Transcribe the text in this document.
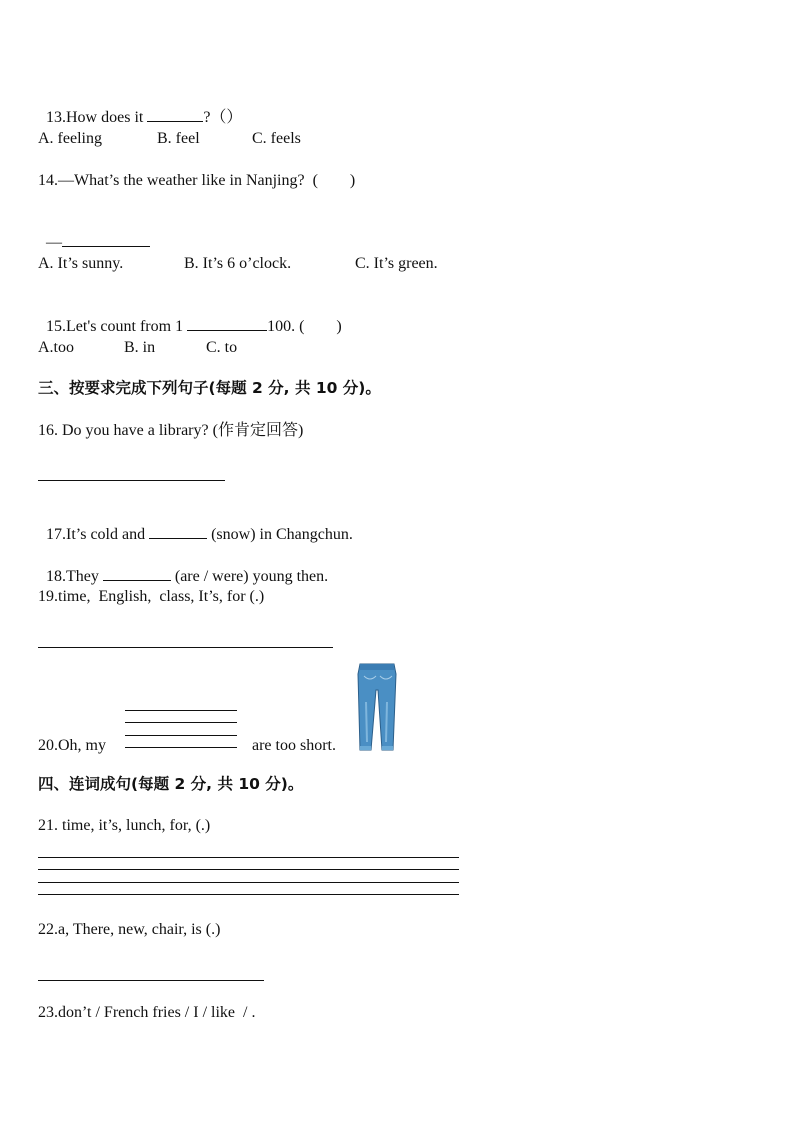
13.How does it	?（）

A. feeling	B. feel	C. feels
14.—What’s the weather like in Nanjing?  (        )

—

A. It’s sunny.	B. It’s 6 o’clock.	C. It’s green.

15.Let's count from 1	100. (        )

A.too	B. in	C. to
三、按要求完成下列句子(每题 2 分, 共 10 分)。
16. Do you have a library? (作肯定回答)

17.It’s cold and	(snow) in Changchun.

18.They	(are / were) young then.

19.time,  English,  class, It’s, for (.)
20.Oh, my	are too short.
四、连词成句(每题 2 分, 共 10 分)。
21. time, it’s, lunch, for, (.)
22.a, There, new, chair, is (.)
23.don’t / French fries / I / like  / .
